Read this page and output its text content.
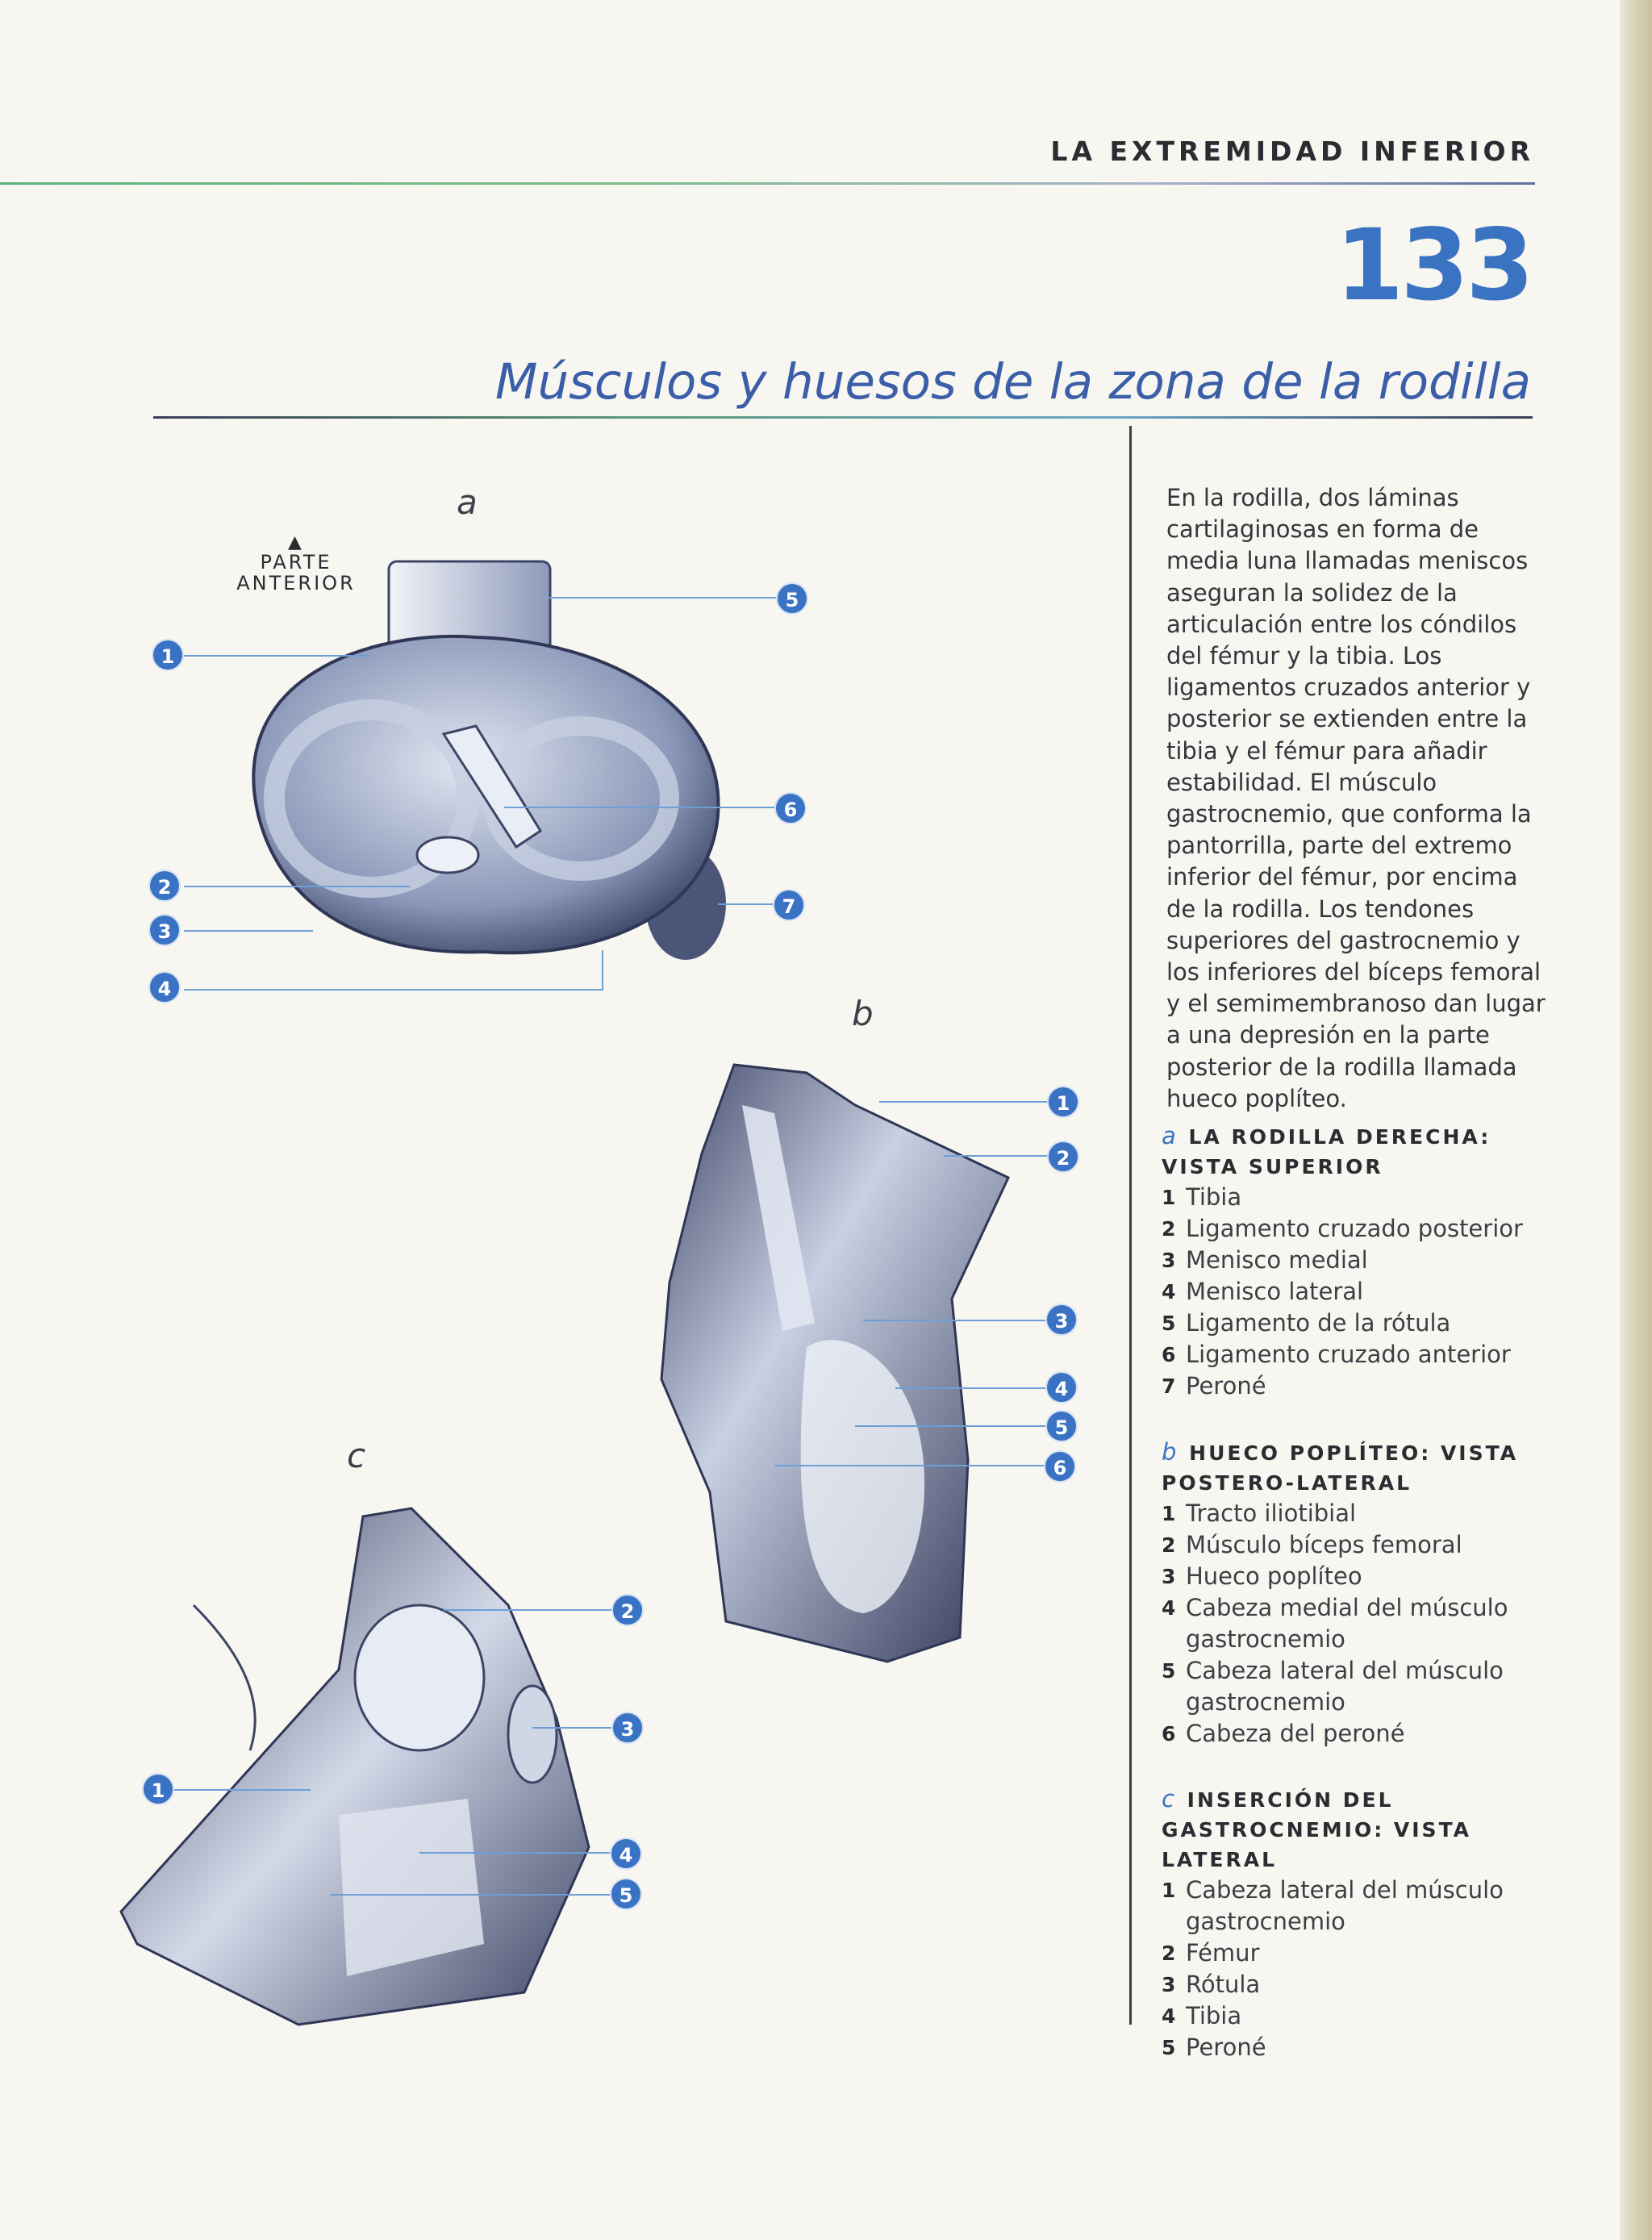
LA EXTREMIDAD INFERIOR
133
Músculos y huesos de la zona de la rodilla
a
▲
PARTE ANTERIOR
1
2
3
4
5
6
7
b
1
2
3
4
5
6
c
1
2
3
4
5
En la rodilla, dos láminas cartilaginosas en forma de media luna llamadas meniscos aseguran la solidez de la articulación entre los cóndilos del fémur y la tibia. Los ligamentos cruzados anterior y posterior se extienden entre la tibia y el fémur para añadir estabilidad. El músculo gastrocnemio, que conforma la pantorrilla, parte del extremo inferior del fémur, por encima de la rodilla. Los tendones superiores del gastrocnemio y los inferiores del bíceps femoral y el semimembranoso dan lugar a una depresión en la parte posterior de la rodilla llamada hueco poplíteo.
a LA RODILLA DERECHA: VISTA SUPERIOR
1 Tibia
2 Ligamento cruzado posterior
3 Menisco medial
4 Menisco lateral
5 Ligamento de la rótula
6 Ligamento cruzado anterior
7 Peroné
b HUECO POPLÍTEO: VISTA POSTERO-LATERAL
1 Tracto iliotibial
2 Músculo bíceps femoral
3 Hueco poplíteo
4 Cabeza medial del músculo gastrocnemio
5 Cabeza lateral del músculo gastrocnemio
6 Cabeza del peroné
c INSERCIÓN DEL GASTROCNEMIO: VISTA LATERAL
1 Cabeza lateral del músculo gastrocnemio
2 Fémur
3 Rótula
4 Tibia
5 Peroné
